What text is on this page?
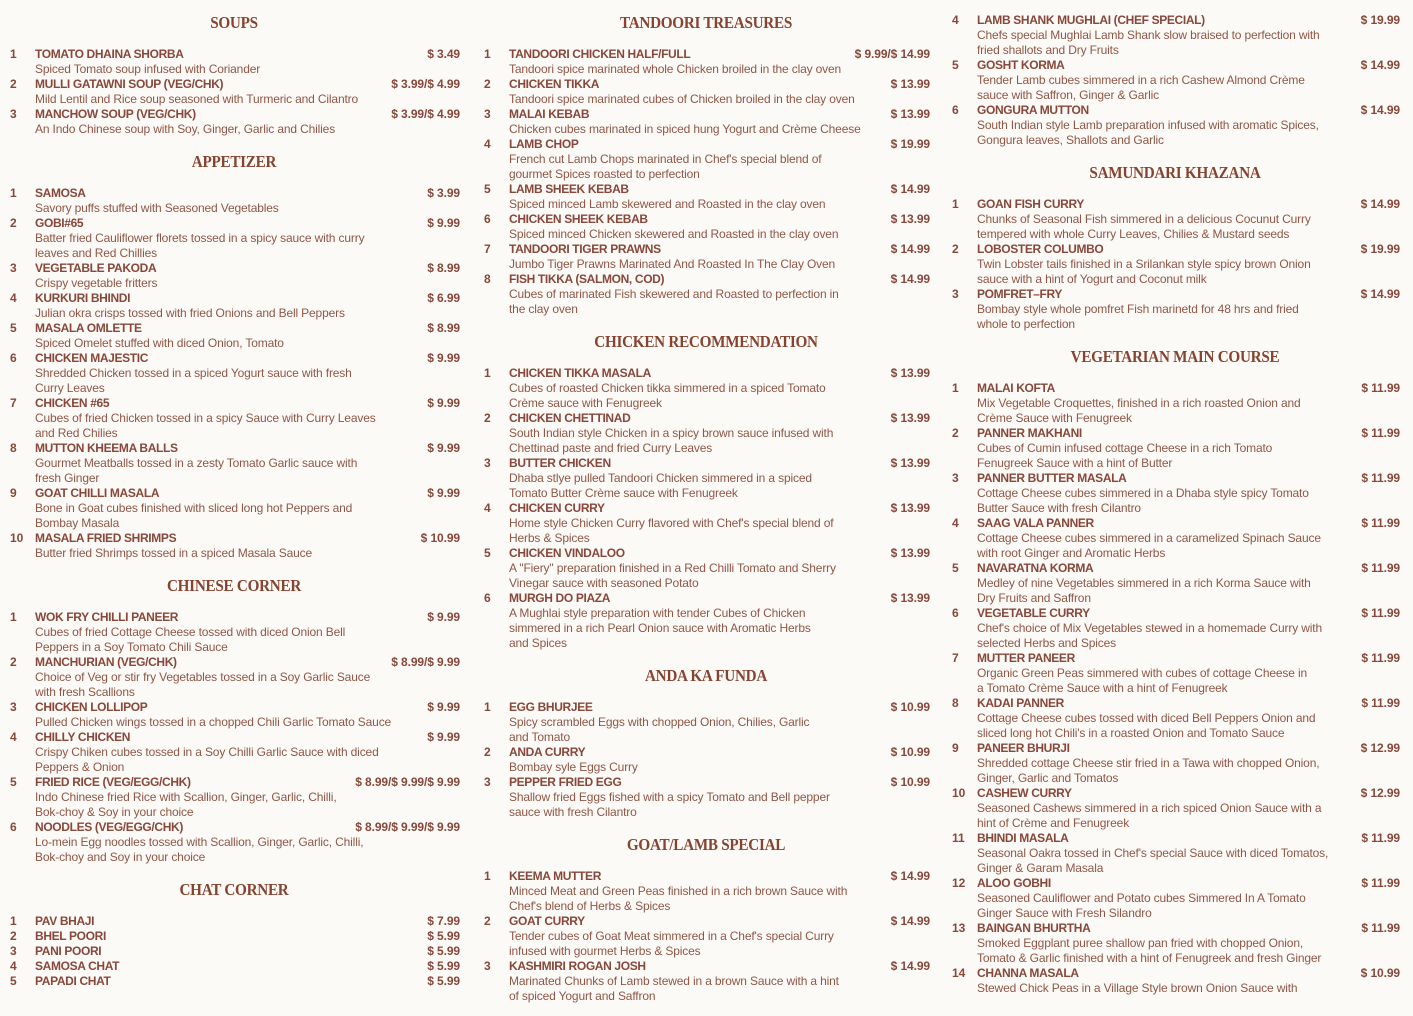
SOUPS
1	TOMATO DHAINA SHORBA	$ 3.49
Spiced Tomato soup infused with Coriander
2	MULLI GATAWNI SOUP (VEG/CHK)	$ 3.99/$ 4.99
Mild Lentil and Rice soup seasoned with Turmeric and Cilantro
3	MANCHOW SOUP (VEG/CHK)	$ 3.99/$ 4.99
An Indo Chinese soup with Soy, Ginger, Garlic and Chilies
APPETIZER
1	SAMOSA	$ 3.99
Savory puffs stuffed with Seasoned Vegetables
2	GOBI#65	$ 9.99
Batter fried Cauliflower florets tossed in a spicy sauce with curry
leaves and Red Chillies
3	VEGETABLE PAKODA	$ 8.99
Crispy vegetable fritters
4	KURKURI BHINDI	$ 6.99
Julian okra crisps tossed with fried Onions and Bell Peppers
5	MASALA OMLETTE	$ 8.99
Spiced Omelet stuffed with diced Onion, Tomato
6	CHICKEN MAJESTIC	$ 9.99
Shredded Chicken tossed in a spiced Yogurt sauce with fresh
Curry Leaves
7	CHICKEN #65	$ 9.99
Cubes of fried Chicken tossed in a spicy Sauce with Curry Leaves
and Red Chilies
8	MUTTON KHEEMA BALLS	$ 9.99
Gourmet Meatballs tossed in a zesty Tomato Garlic sauce with
fresh Ginger
9	GOAT CHILLI MASALA	$ 9.99
Bone in Goat cubes finished with sliced long hot Peppers and
Bombay Masala
10 MASALA FRIED SHRIMPS	$ 10.99
Butter fried Shrimps tossed in a spiced Masala Sauce
CHINESE CORNER
1	WOK FRY CHILLI PANEER	$ 9.99
Cubes of fried Cottage Cheese tossed with diced Onion Bell
Peppers in a Soy Tomato Chili Sauce
2	MANCHURIAN (VEG/CHK)	$ 8.99/$ 9.99
Choice of Veg or stir fry Vegetables tossed in a Soy Garlic Sauce
with fresh Scallions
3	CHICKEN LOLLIPOP	$ 9.99
Pulled Chicken wings tossed in a chopped Chili Garlic Tomato Sauce
4	CHILLY CHICKEN	$ 9.99
Crispy Chiken cubes tossed in a Soy Chilli Garlic Sauce with diced
Peppers & Onion
5	FRIED RICE (VEG/EGG/CHK)	$ 8.99/$ 9.99/$ 9.99
Indo Chinese fried Rice with Scallion, Ginger, Garlic, Chilli,
Bok-choy & Soy in your choice
6	NOODLES (VEG/EGG/CHK)	$ 8.99/$ 9.99/$ 9.99
Lo-mein Egg noodles tossed with Scallion, Ginger, Garlic, Chilli,
Bok-choy and Soy in your choice
CHAT CORNER
1	PAV BHAJI	$ 7.99
2	BHEL POORI	$ 5.99
3	PANI POORI	$ 5.99
4	SAMOSA CHAT	$ 5.99
5	PAPADI CHAT	$ 5.99
TANDOORI TREASURES
1	TANDOORI CHICKEN HALF/FULL	$ 9.99/$ 14.99
Tandoori spice marinated whole Chicken broiled in the clay oven
2	CHICKEN TIKKA	$ 13.99
Tandoori spice marinated cubes of Chicken broiled in the clay oven
3	MALAI KEBAB	$ 13.99
Chicken cubes marinated in spiced hung Yogurt and Crème Cheese
4	LAMB CHOP	$ 19.99
French cut Lamb Chops marinated in Chef's special blend of
gourmet Spices roasted to perfection
5	LAMB SHEEK KEBAB	$ 14.99
Spiced minced Lamb skewered and Roasted in the clay oven
6	CHICKEN SHEEK KEBAB	$ 13.99
Spiced minced Chicken skewered and Roasted in the clay oven
7	TANDOORI TIGER PRAWNS	$ 14.99
Jumbo Tiger Prawns Marinated And Roasted In The Clay Oven
8	FISH TIKKA (SALMON, COD)	$ 14.99
Cubes of marinated Fish skewered and Roasted to perfection in
the clay oven
CHICKEN RECOMMENDATION
1	CHICKEN TIKKA MASALA	$ 13.99
Cubes of roasted Chicken tikka simmered in a spiced Tomato
Crème sauce with Fenugreek
2	CHICKEN CHETTINAD	$ 13.99
South Indian style Chicken in a spicy brown sauce infused with
Chettinad paste and fried Curry Leaves
3	BUTTER CHICKEN	$ 13.99
Dhaba stlye pulled Tandoori Chicken simmered in a spiced
Tomato Butter Crème sauce with Fenugreek
4	CHICKEN CURRY	$ 13.99
Home style Chicken Curry flavored with Chef's special blend of
Herbs & Spices
5	CHICKEN VINDALOO	$ 13.99
A "Fiery" preparation finished in a Red Chilli Tomato and Sherry
Vinegar sauce with seasoned Potato
6	MURGH DO PIAZA	$ 13.99
A Mughlai style preparation with tender Cubes of Chicken
simmered in a rich Pearl Onion sauce with Aromatic Herbs
and Spices
ANDA KA FUNDA
1	EGG BHURJEE	$ 10.99
Spicy scrambled Eggs with chopped Onion, Chilies, Garlic
and Tomato
2	ANDA CURRY	$ 10.99
Bombay syle Eggs Curry
3	PEPPER FRIED EGG	$ 10.99
Shallow fried Eggs fished with a spicy Tomato and Bell pepper
sauce with fresh Cilantro
GOAT/LAMB SPECIAL
1	KEEMA MUTTER	$ 14.99
Minced Meat and Green Peas finished in a rich brown Sauce with
Chef's blend of Herbs & Spices
2	GOAT CURRY	$ 14.99
Tender cubes of Goat Meat simmered in a Chef's special Curry
infused with gourmet Herbs & Spices
3	KASHMIRI ROGAN JOSH	$ 14.99
Marinated Chunks of Lamb stewed in a brown Sauce with a hint
of spiced Yogurt and Saffron
4	LAMB SHANK MUGHLAI (CHEF SPECIAL)	$ 19.99
Chefs special Mughlai Lamb Shank slow braised to perfection with
fried shallots and Dry Fruits
5	GOSHT KORMA	$ 14.99
Tender Lamb cubes simmered in a rich Cashew Almond Crème
sauce with Saffron, Ginger & Garlic
6	GONGURA MUTTON	$ 14.99
South Indian style Lamb preparation infused with aromatic Spices,
Gongura leaves, Shallots and Garlic
SAMUNDARI KHAZANA
1	GOAN FISH CURRY	$ 14.99
Chunks of Seasonal Fish simmered in a delicious Cocunut Curry
tempered with whole Curry Leaves, Chilies & Mustard seeds
2	LOBOSTER COLUMBO	$ 19.99
Twin Lobster tails finished in a Srilankan style spicy brown Onion
sauce with a hint of Yogurt and Coconut milk
3	POMFRET–FRY	$ 14.99
Bombay style whole pomfret Fish marinetd for 48 hrs and fried
whole to perfection
VEGETARIAN MAIN COURSE
1	MALAI KOFTA	$ 11.99
Mix Vegetable Croquettes, finished in a rich roasted Onion and
Crème Sauce with Fenugreek
2	PANNER MAKHANI	$ 11.99
Cubes of Cumin infused cottage Cheese in a rich Tomato
Fenugreek Sauce with a hint of Butter
3	PANNER BUTTER MASALA	$ 11.99
Cottage Cheese cubes simmered in a Dhaba style spicy Tomato
Butter Sauce with fresh Cilantro
4	SAAG VALA PANNER	$ 11.99
Cottage Cheese cubes simmered in a caramelized Spinach Sauce
with root Ginger and Aromatic Herbs
5	NAVARATNA KORMA	$ 11.99
Medley of nine Vegetables simmered in a rich Korma Sauce with
Dry Fruits and Saffron
6	VEGETABLE CURRY	$ 11.99
Chef's choice of Mix Vegetables stewed in a homemade Curry with
selected Herbs and Spices
7	MUTTER PANEER	$ 11.99
Organic Green Peas simmered with cubes of cottage Cheese in
a Tomato Crème Sauce with a hint of Fenugreek
8	KADAI PANNER	$ 11.99
Cottage Cheese cubes tossed with diced Bell Peppers Onion and
sliced long hot Chili's in a roasted Onion and Tomato Sauce
9	PANEER BHURJI	$ 12.99
Shredded cottage Cheese stir fried in a Tawa with chopped Onion,
Ginger, Garlic and Tomatos
10 CASHEW CURRY	$ 12.99
Seasoned Cashews simmered in a rich spiced Onion Sauce with a
hint of Crème and Fenugreek
11	BHINDI MASALA	$ 11.99
Seasonal Oakra tossed in Chef's special Sauce with diced Tomatos,
Ginger & Garam Masala
12 ALOO GOBHI	$ 11.99
Seasoned Cauliflower and Potato cubes Simmered In A Tomato
Ginger Sauce with Fresh Silandro
13 BAINGAN BHURTHA	$ 11.99
Smoked Eggplant puree shallow pan fried with chopped Onion,
Tomato & Garlic finished with a hint of Fenugreek and fresh Ginger
14 CHANNA MASALA	$ 10.99
Stewed Chick Peas in a Village Style brown Onion Sauce with
